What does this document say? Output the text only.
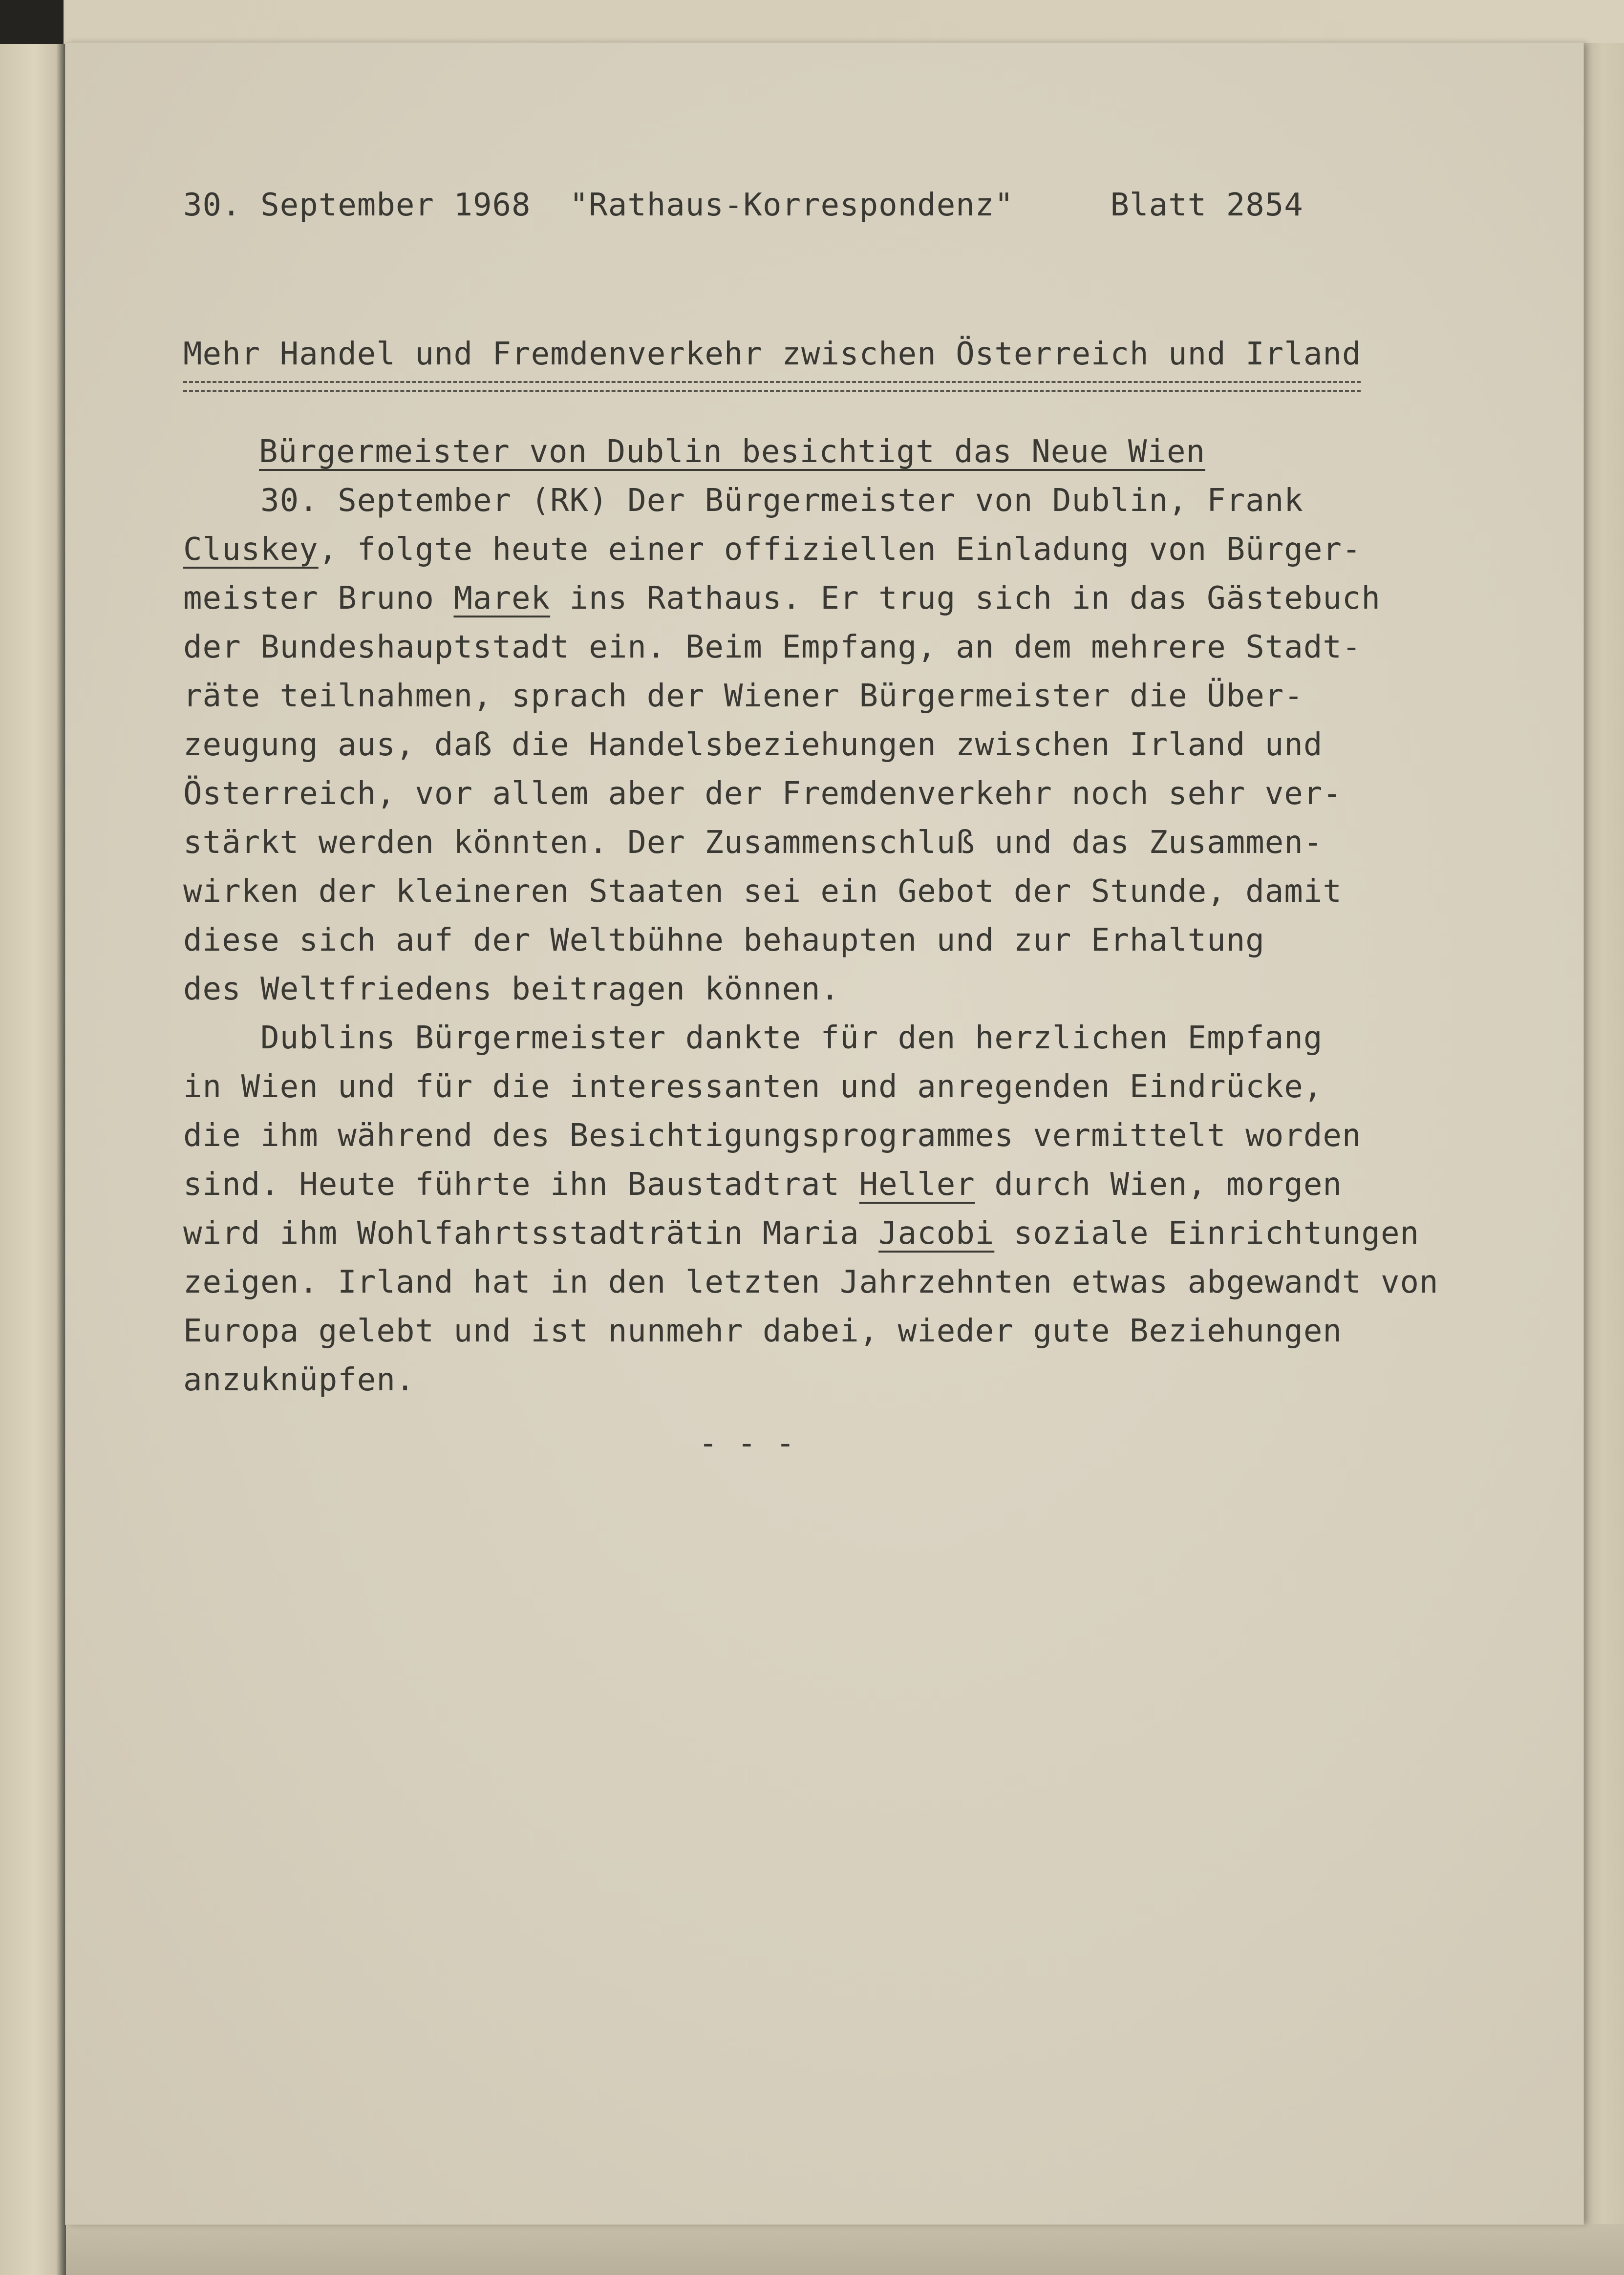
30. September 1968 "Rathaus-Korrespondenz"	Blatt 2854
Mehr Handel und Fremdenverkehr zwischen Österreich und Irland
Bürgermeister von Dublin besichtigt das Neue Wien
30. September (RK) Der Bürgermeister von Dublin, Frank
Cluskey, folgte heute einer offiziellen Einladung von Bürger-
meister Bruno Marek ins Rathaus. Er trug sich in das Gästebuch
der Bundeshauptstadt ein. Beim Empfang, an dem mehrere Stadt-
räte teilnahmen, sprach der Wiener Bürgermeister die Über-
zeugung aus, daß die Handelsbeziehungen zwischen Irland und
Österreich, vor allem aber der Fremdenverkehr noch sehr ver-
stärkt werden könnten. Der Zusammenschluß und das Zusammen-
wirken der kleineren Staaten sei ein Gebot der Stunde, damit
diese sich auf der Weltbühne behaupten und zur Erhaltung
des Weltfriedens beitragen können.
Dublins Bürgermeister dankte für den herzlichen Empfang
in Wien und für die interessanten und anregenden Eindrücke,
die ihm während des Besichtigungsprogrammes vermittelt worden
sind. Heute führte ihn Baustadtrat Heller durch Wien, morgen
wird ihm Wohlfahrtsstadträtin Maria Jacobi soziale Einrichtungen
zeigen. Irland hat in den letzten Jahrzehnten etwas abgewandt von
Europa gelebt und ist nunmehr dabei, wieder gute Beziehungen
anzuknüpfen.
- - -
